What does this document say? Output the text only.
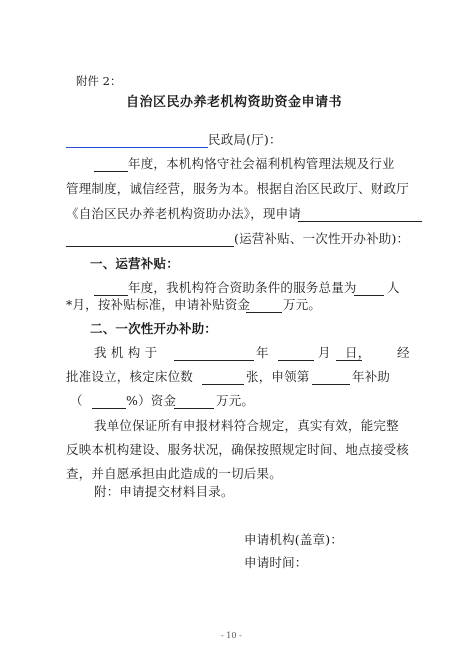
附件 2：
自治区民办养老机构资助资金申请书
民政局(厅)：
年度，本机构恪守社会福利机构管理法规及行业
管理制度，诚信经营，服务为本。根据自治区民政厅、财政厅
《自治区民办养老机构资助办法》，现申请
(运营补贴、一次性开办补助)：
一、运营补贴：
年度，我机构符合资助条件的服务总量为 人
*月，按补贴标准，申请补贴资金	万元。
二、一次性开办补助：
我 机 构 于	年	月 日， 经
批准设立，核定床位数	张，申领第	年补助
（	%）资金	万元。
我单位保证所有申报材料符合规定，真实有效，能完整
反映本机构建设、服务状况，确保按照规定时间、地点接受核
查，并自愿承担由此造成的一切后果。
附：申请提交材料目录。
申请机构(盖章)：
申请时间：
- 10 -
